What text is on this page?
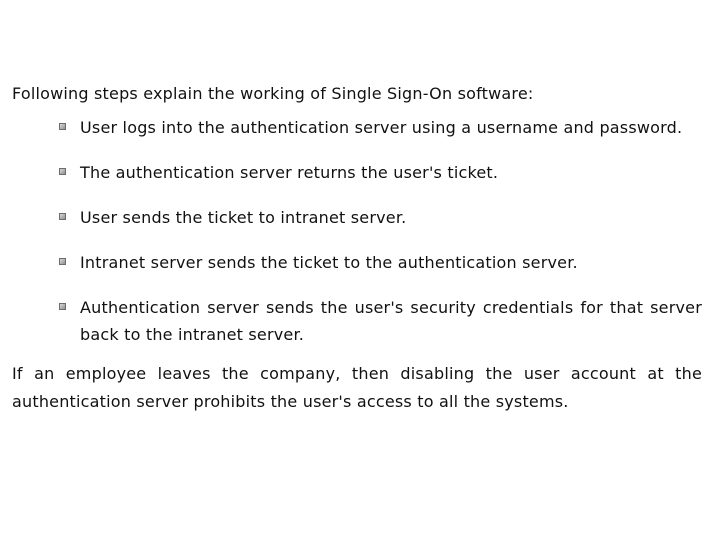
Following steps explain the working of Single Sign-On software:

User logs into the authentication server using a username and password.
The authentication server returns the user's ticket.
User sends the ticket to intranet server.
Intranet server sends the ticket to the authentication server.
Authentication server sends the user's security credentials for that server back to the intranet server.

If an employee leaves the company, then disabling the user account at the authentication server prohibits the user's access to all the systems.
